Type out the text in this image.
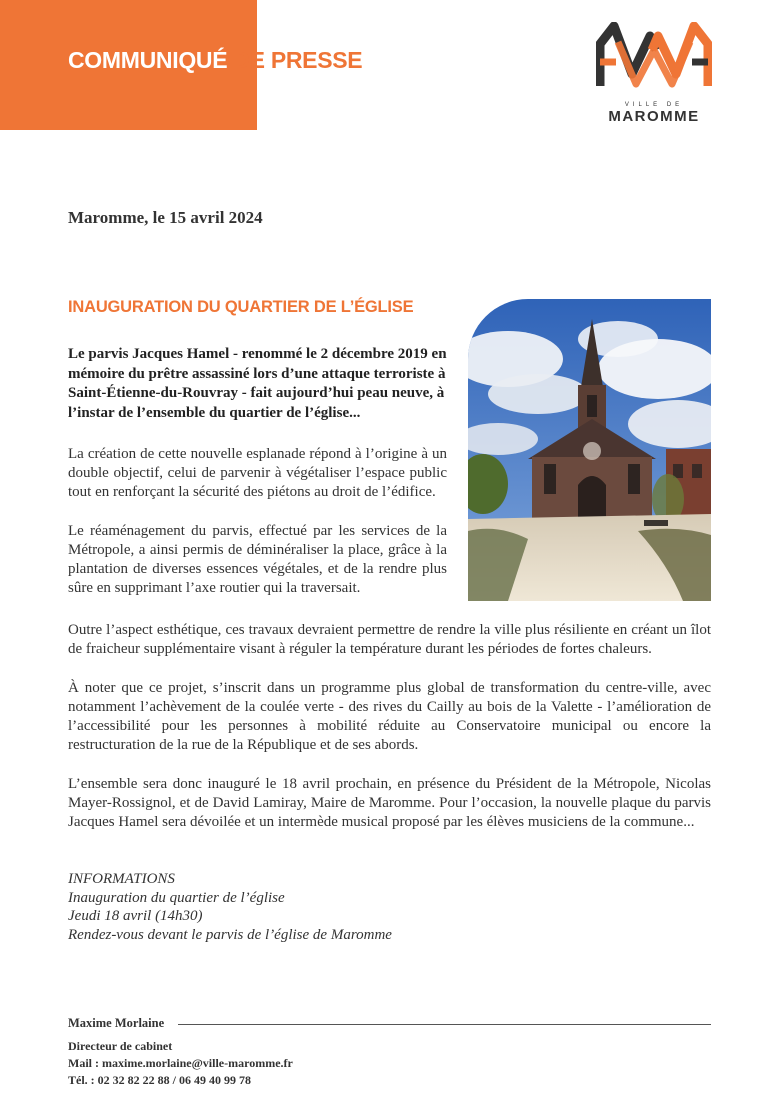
COMMUNIQUÉ DE PRESSE
VILLE DE
MAROMME

Maromme, le 15 avril 2024

INAUGURATION DU QUARTIER DE L’ÉGLISE

Le parvis Jacques Hamel - renommé le 2 décembre 2019 en mémoire du prêtre assassiné lors d’une attaque terroriste à Saint-Étienne-du-Rouvray - fait aujourd’hui peau neuve, à l’instar de l’ensemble du quartier de l’église...

La création de cette nouvelle esplanade répond à l’origine à un double objectif, celui de parvenir à végétaliser l’espace public tout en renforçant la sécurité des piétons au droit de l’édifice.

Le réaménagement du parvis, effectué par les services de la Métropole, a ainsi permis de déminéraliser la place, grâce à la plantation de diverses essences végétales, et de la rendre plus sûre en supprimant l’axe routier qui la traversait.

Outre l’aspect esthétique, ces travaux devraient permettre de rendre la ville plus résiliente en créant un îlot de fraicheur supplémentaire visant à réguler la température durant les périodes de fortes chaleurs.

À noter que ce projet, s’inscrit dans un programme plus global de transformation du centre-ville, avec notamment l’achèvement de la coulée verte - des rives du Cailly au bois de la Valette - l’amélioration de l’accessibilité pour les personnes à mobilité réduite au Conservatoire municipal ou encore la restructuration de la rue de la République et de ses abords.

L’ensemble sera donc inauguré le 18 avril prochain, en présence du Président de la Métropole, Nicolas Mayer-Rossignol, et de David Lamiray, Maire de Maromme. Pour l’occasion, la nouvelle plaque du parvis Jacques Hamel sera dévoilée et un intermède musical proposé par les élèves musiciens de la commune...

INFORMATIONS
Inauguration du quartier de l’église
Jeudi 18 avril (14h30)
Rendez-vous devant le parvis de l’église de Maromme
Maxime Morlaine
Directeur de cabinet
Mail : maxime.morlaine@ville-maromme.fr
Tél. : 02 32 82 22 88 / 06 49 40 99 78
